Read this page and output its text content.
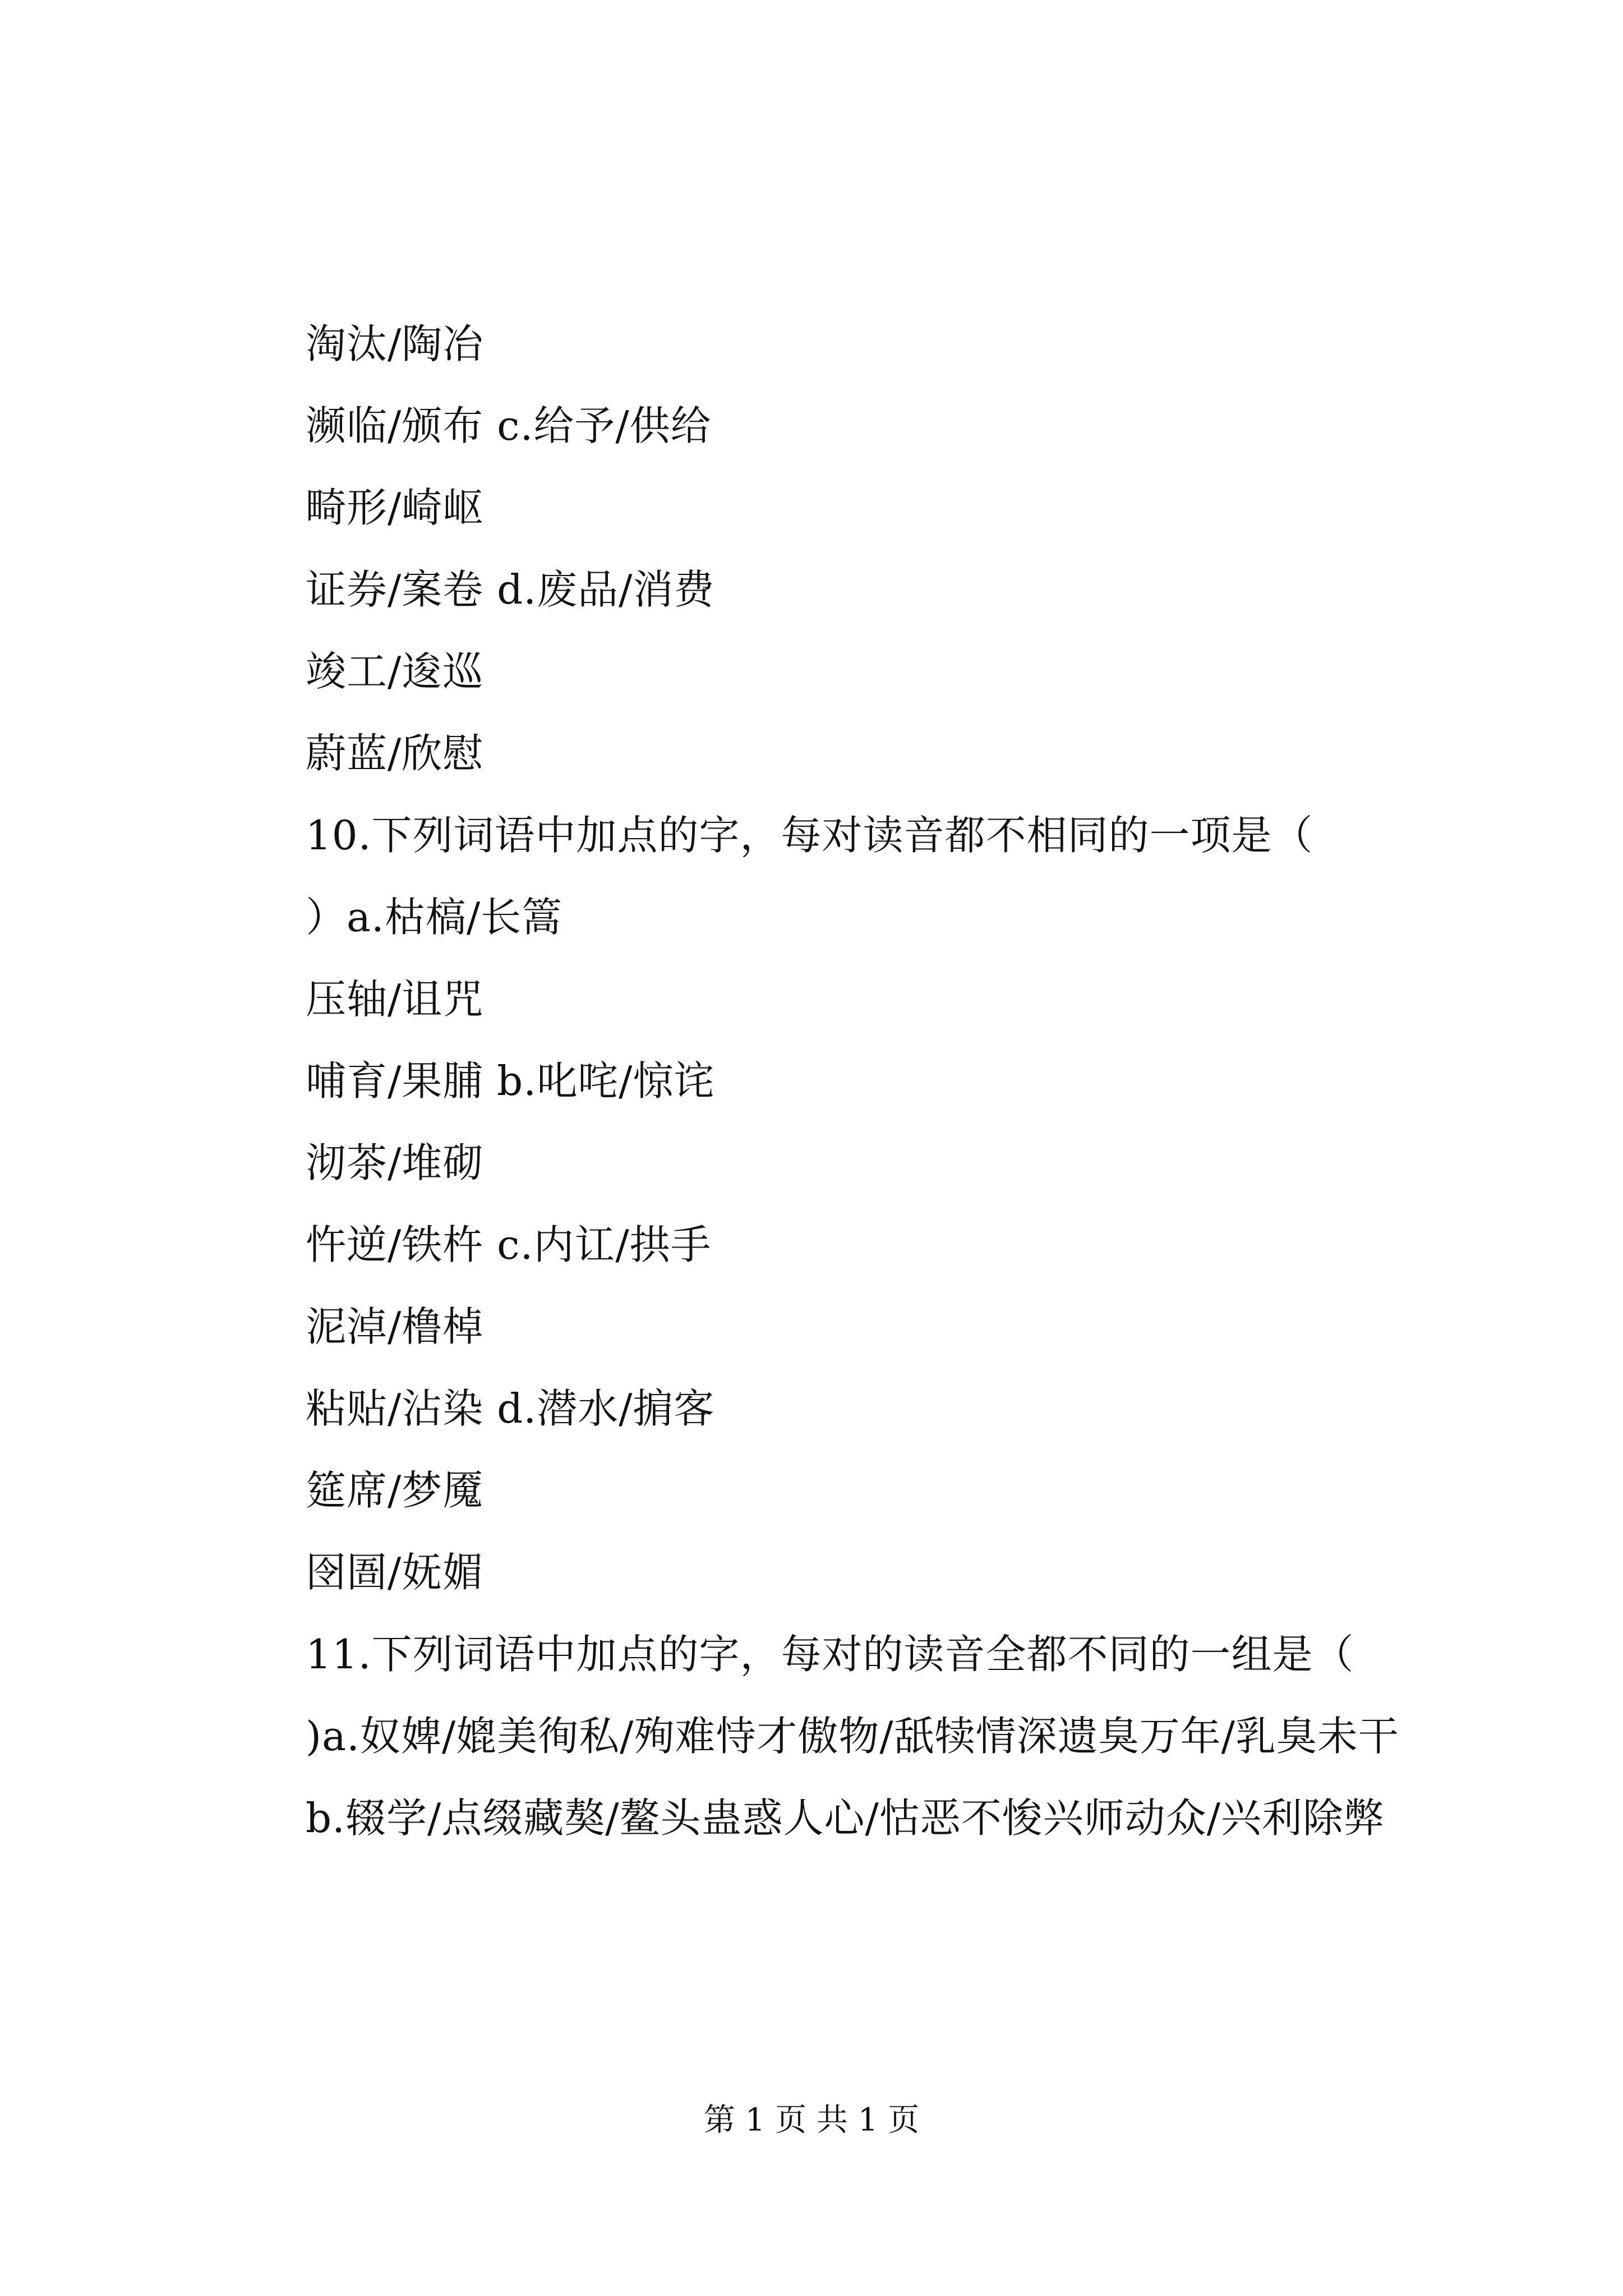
淘汰/陶冶
濒临/颁布 c.给予/供给
畸形/崎岖
证券/案卷 d.废品/消费
竣工/逡巡
蔚蓝/欣慰
10.下列词语中加点的字，每对读音都不相同的一项是（
）a.枯槁/长篙
压轴/诅咒
哺育/果脯 b.叱咤/惊诧
沏茶/堆砌
忤逆/铁杵 c.内讧/拱手
泥淖/橹棹
粘贴/沾染 d.潜水/掮客
筵席/梦魇
囹圄/妩媚
11.下列词语中加点的字，每对的读音全都不同的一组是（
)a.奴婢/媲美徇私/殉难恃才傲物/舐犊情深遗臭万年/乳臭未干
b.辍学/点缀藏獒/鳌头蛊惑人心/怙恶不悛兴师动众/兴利除弊
第 1 页 共 1 页
